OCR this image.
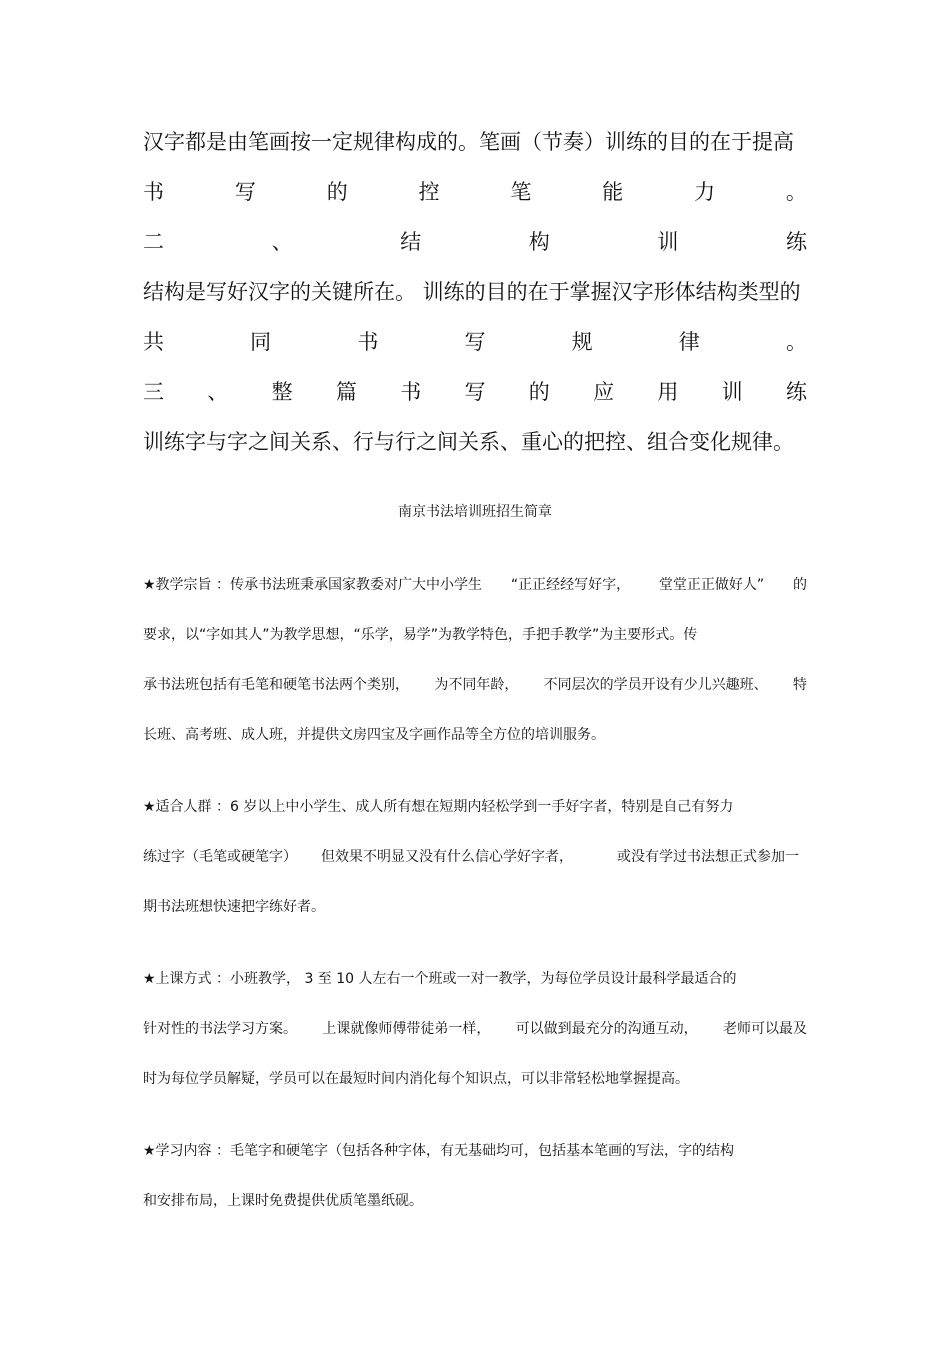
汉字都是由笔画按一定规律构成的。笔画（节奏）训练的目的在于提高
书	写	的	控	笔	能	力	。
二	、	结	构	训	练
结构是写好汉字的关键所在。 训练的目的在于掌握汉字形体结构类型的
共	同	书	写	规	律	。
三 、 整 篇 书 写 的 应 用 训 练
训练字与字之间关系、行与行之间关系、重心的把控、组合变化规律。
南京书法培训班招生简章
★教学宗旨 ：传承书法班秉承国家教委对广大中小学生 “正正经经写好字， 堂堂正正做好人” 的
要求，以“字如其人”为教学思想，“乐学，易学”为教学特色，手把手教学”为主要形式。传
承书法班包括有毛笔和硬笔书法两个类别， 为不同年龄， 不同层次的学员开设有少儿兴趣班、 特
长班、高考班、成人班，并提供文房四宝及字画作品等全方位的培训服务。
★适合人群 ：6 岁以上中小学生、成人所有想在短期内轻松学到一手好字者，特别是自己有努力
练过字（毛笔或硬笔字） 但效果不明显又没有什么信心学好字者，	或没有学过书法想正式参加一
期书法班想快速把字练好者。
★上课方式 ：小班教学， 3 至 10 人左右一个班或一对一教学，为每位学员设计最科学最适合的
针对性的书法学习方案。 上课就像师傅带徒弟一样， 可以做到最充分的沟通互动， 老师可以最及
时为每位学员解疑，学员可以在最短时间内消化每个知识点，可以非常轻松地掌握提高。
★学习内容 ：毛笔字和硬笔字（包括各种字体，有无基础均可，包括基本笔画的写法，字的结构
和安排布局，上课时免费提供优质笔墨纸砚。
